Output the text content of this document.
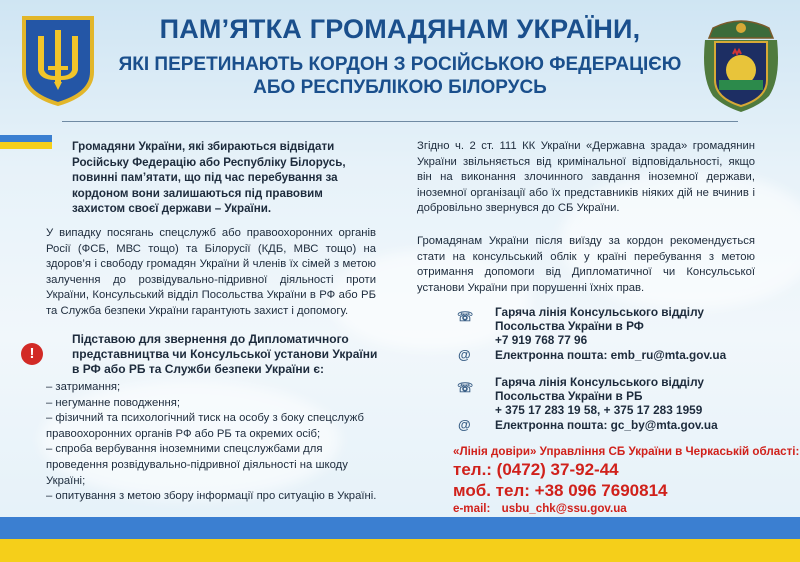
ПАМ’ЯТКА ГРОМАДЯНАМ УКРАЇНИ,
ЯКІ ПЕРЕТИНАЮТЬ КОРДОН З РОСІЙСЬКОЮ ФЕДЕРАЦІЄЮ
АБО РЕСПУБЛІКОЮ БІЛОРУСЬ

Громадяни України, які збираються відвідати Російську Федерацію або Республіку Білорусь, повинні пам’ятати, що під час перебування за кордоном вони залишаються під правовим захистом своєї держави – України.

У випадку посягань спецслужб або правоохоронних органів Росії (ФСБ, МВС тощо) та Білорусії (КДБ, МВС тощо) на здоров’я і свободу громадян України й членів їх сімей з метою залучення до розвідувально-підривної діяльності проти України, Консульський відділ Посольства України в РФ або РБ та Служба безпеки України гарантують захист і допомогу.

!
Підставою для звернення до Дипломатичного представництва чи Консульської установи України в РФ або РБ та Служби безпеки України є:
– затримання;
– негуманне поводження;
– фізичний та психологічний тиск на особу з боку спецслужб правоохоронних органів РФ або РБ та окремих осіб;
– спроба вербування іноземними спецслужбами для проведення розвідувально-підривної діяльності на шкоду Україні;
– опитування з метою збору інформації про ситуацію в Україні.

Згідно ч. 2 ст. 111 КК України «Державна зрада» громадянин України звільняється від кримінальної відповідальності, якщо він на виконання злочинного завдання іноземної держави, іноземної організації або їх представників ніяких дій не вчинив і добровільно звернувся до СБ України.

Громадянам України після виїзду за кордон рекомендується стати на консульський облік у країні перебування з метою отримання допомоги від Дипломатичної чи Консульської установи України при порушенні їхніх прав.

☏ Гаряча лінія Консульського відділу
Посольства України в РФ
+7 919 768 77 96
@ Електронна пошта: emb_ru@mta.gov.ua
☏ Гаряча лінія Консульського відділу
Посольства України в РБ
+ 375 17 283 19 58, + 375 17 283 1959
@ Електронна пошта: gc_by@mta.gov.ua
«Лінія довіри» Управління СБ України в Черкаській області:
тел.: (0472) 37-92-44
моб. тел: +38 096 7690814
e-mail: usbu_chk@ssu.gov.ua
